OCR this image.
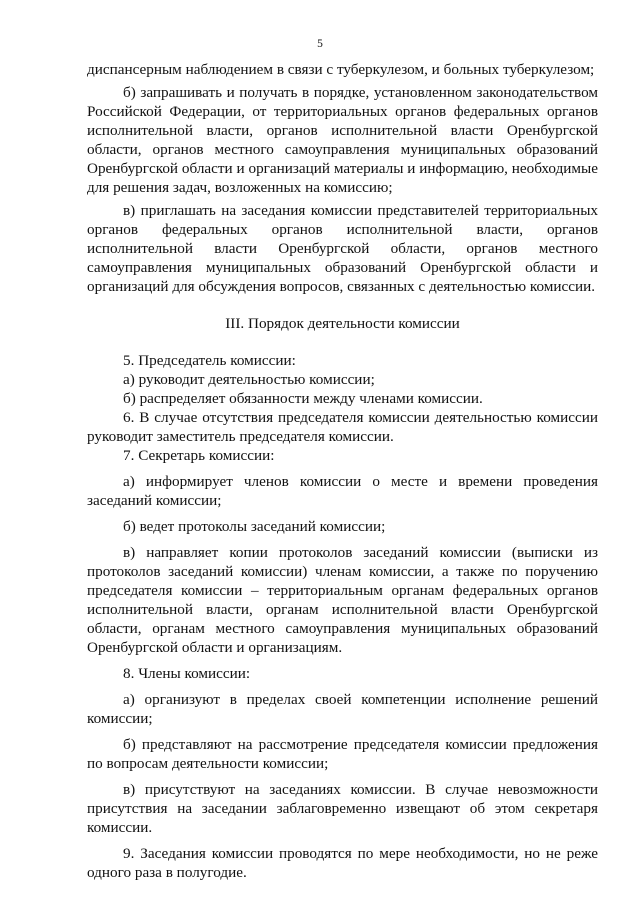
5

диспансерным наблюдением в связи с туберкулезом, и больных туберкулезом;

б) запрашивать и получать в порядке, установленном законодательством Российской Федерации, от территориальных органов федеральных органов исполнительной власти, органов исполнительной власти Оренбургской области, органов местного самоуправления муниципальных образований Оренбургской области и организаций материалы и информацию, необходимые для решения задач, возложенных на комиссию;

в) приглашать на заседания комиссии представителей территориальных органов федеральных органов исполнительной власти, органов исполнительной власти Оренбургской области, органов местного самоуправления муниципальных образований Оренбургской области и организаций для обсуждения вопросов, связанных с деятельностью комиссии.

III. Порядок деятельности комиссии

5. Председатель комиссии:

а) руководит деятельностью комиссии;

б) распределяет обязанности между членами комиссии.

6. В случае отсутствия председателя комиссии деятельностью комиссии руководит заместитель председателя комиссии.

7. Секретарь комиссии:

а) информирует членов комиссии о месте и времени проведения заседаний комиссии;

б) ведет протоколы заседаний комиссии;

в) направляет копии протоколов заседаний комиссии (выписки из протоколов заседаний комиссии) членам комиссии, а также по поручению председателя комиссии – территориальным органам федеральных органов исполнительной власти, органам исполнительной власти Оренбургской области, органам местного самоуправления муниципальных образований Оренбургской области и организациям.

8. Члены комиссии:

а) организуют в пределах своей компетенции исполнение решений комиссии;

б) представляют на рассмотрение председателя комиссии предложения по вопросам деятельности комиссии;

в) присутствуют на заседаниях комиссии. В случае невозможности присутствия на заседании заблаговременно извещают об этом секретаря комиссии.

9. Заседания комиссии проводятся по мере необходимости, но не реже одного раза в полугодие.
